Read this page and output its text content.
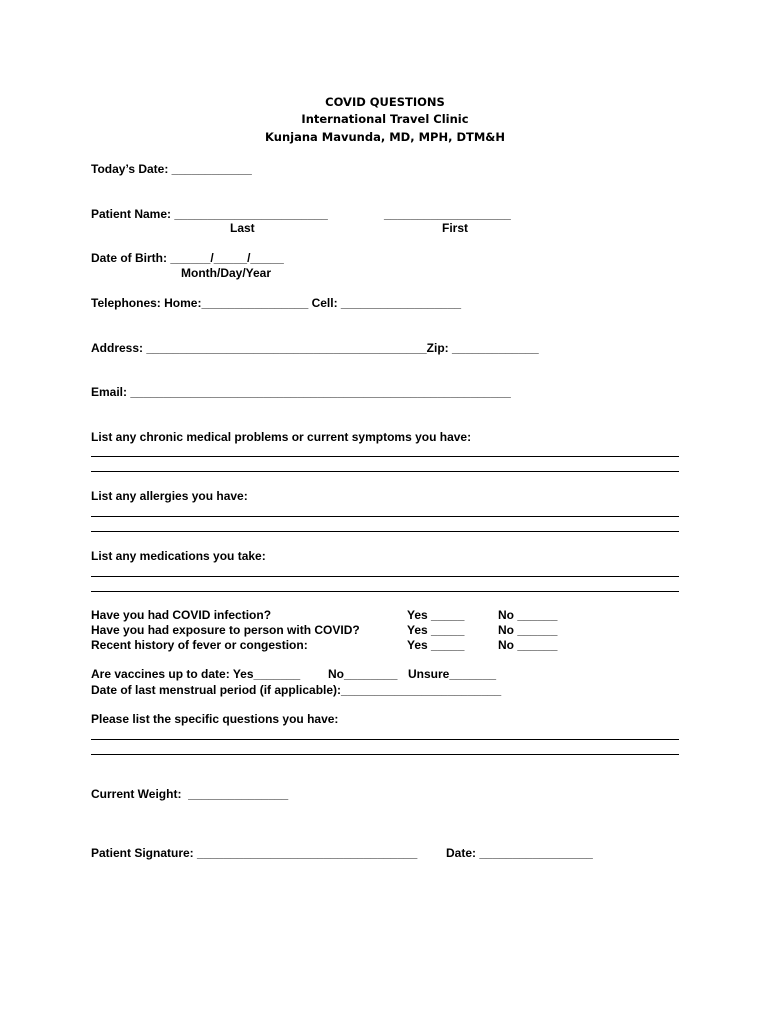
COVID QUESTIONS
International Travel Clinic
Kunjana Mavunda, MD, MPH, DTM&H
Today’s Date: ____________
Patient Name: _______________________	___________________
Last	First
Date of Birth: ______/_____/_____
Month/Day/Year
Telephones: Home:________________ Cell: __________________
Address: __________________________________________Zip: _____________
Email: _________________________________________________________
List any chronic medical problems or current symptoms you have:
List any allergies you have:
List any medications you take:
Have you had COVID infection?	Yes _____	No ______
Have you had exposure to person with COVID?	Yes _____	No ______
Recent history of fever or congestion:	Yes _____	No ______
Are vaccines up to date: Yes_______ No________ Unsure_______
Date of last menstrual period (if applicable):________________________
Please list the specific questions you have:
Current Weight:  _______________
Patient Signature: _________________________________ Date: _________________
